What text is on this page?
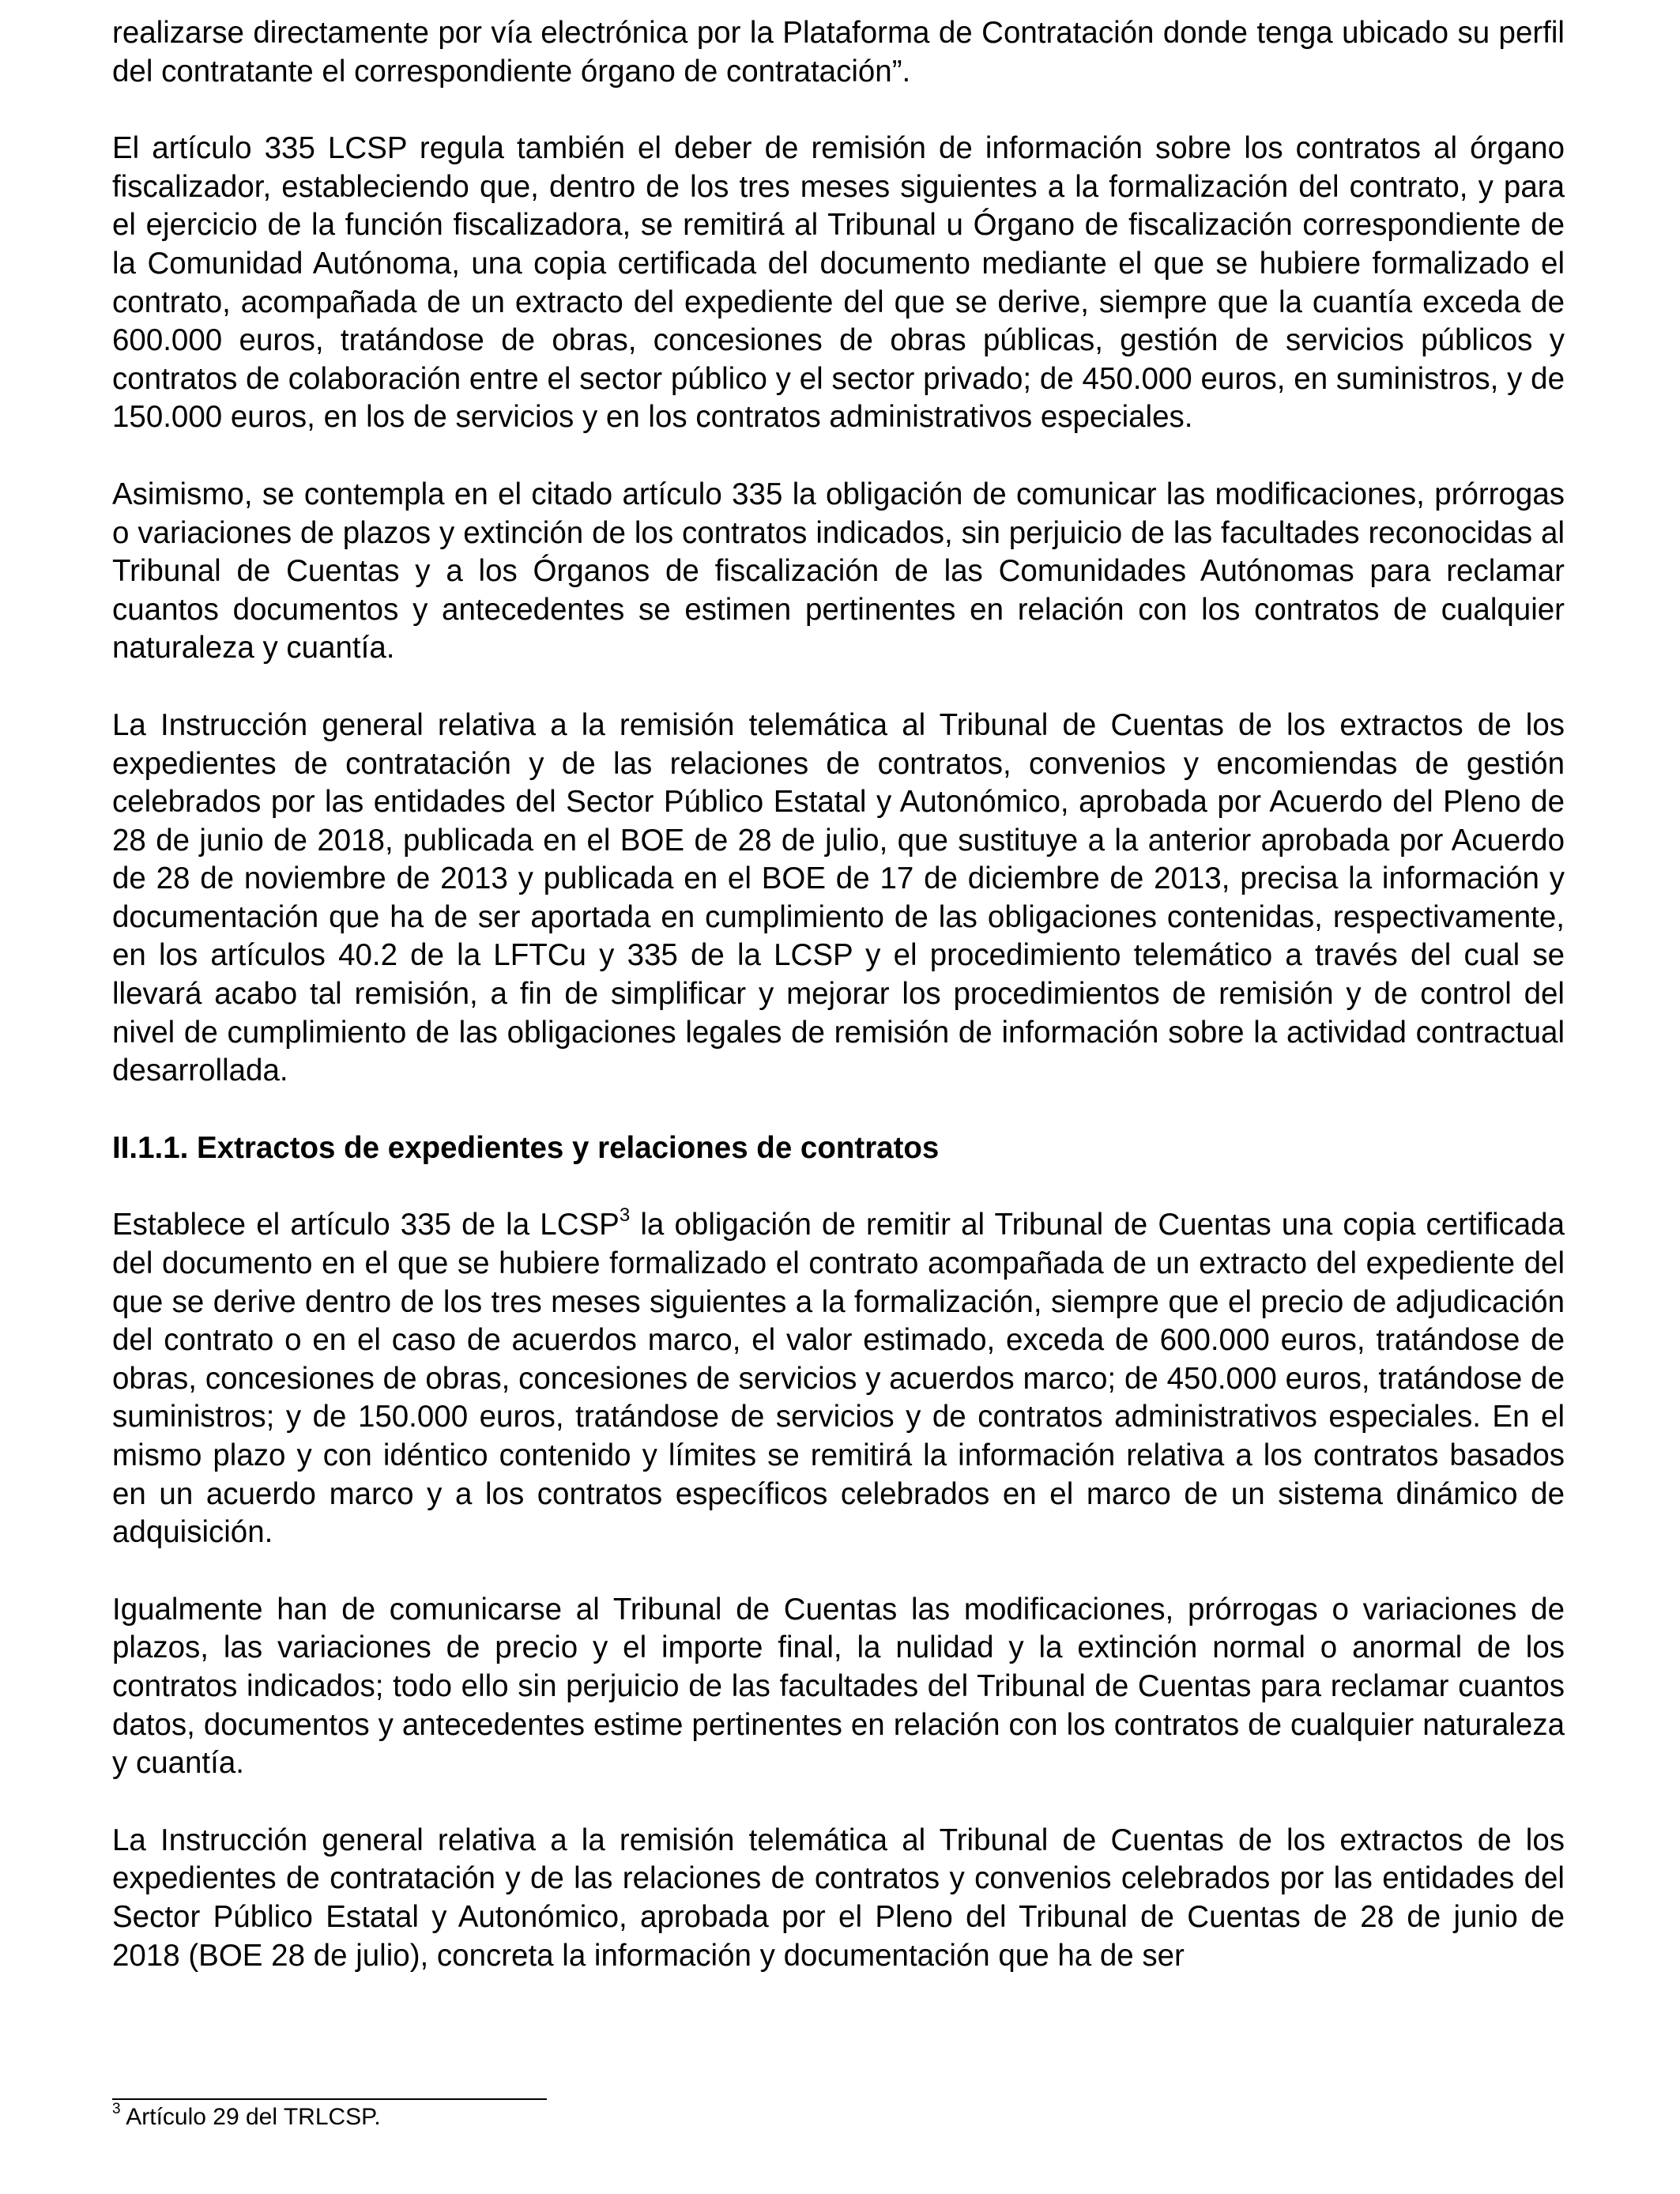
realizarse directamente por vía electrónica por la Plataforma de Contratación donde tenga ubicado su perfil del contratante el correspondiente órgano de contratación”.

El artículo 335 LCSP regula también el deber de remisión de información sobre los contratos al órgano fiscalizador, estableciendo que, dentro de los tres meses siguientes a la formalización del contrato, y para el ejercicio de la función fiscalizadora, se remitirá al Tribunal u Órgano de fiscalización correspondiente de la Comunidad Autónoma, una copia certificada del documento mediante el que se hubiere formalizado el contrato, acompañada de un extracto del expediente del que se derive, siempre que la cuantía exceda de 600.000 euros, tratándose de obras, concesiones de obras públicas, gestión de servicios públicos y contratos de colaboración entre el sector público y el sector privado; de 450.000 euros, en suministros, y de 150.000 euros, en los de servicios y en los contratos administrativos especiales.

Asimismo, se contempla en el citado artículo 335 la obligación de comunicar las modificaciones, prórrogas o variaciones de plazos y extinción de los contratos indicados, sin perjuicio de las facultades reconocidas al Tribunal de Cuentas y a los Órganos de fiscalización de las Comunidades Autónomas para reclamar cuantos documentos y antecedentes se estimen pertinentes en relación con los contratos de cualquier naturaleza y cuantía.

La Instrucción general relativa a la remisión telemática al Tribunal de Cuentas de los extractos de los expedientes de contratación y de las relaciones de contratos, convenios y encomiendas de gestión celebrados por las entidades del Sector Público Estatal y Autonómico, aprobada por Acuerdo del Pleno de 28 de junio de 2018, publicada en el BOE de 28 de julio, que sustituye a la anterior aprobada por Acuerdo de 28 de noviembre de 2013 y publicada en el BOE de 17 de diciembre de 2013, precisa la información y documentación que ha de ser aportada en cumplimiento de las obligaciones contenidas, respectivamente, en los artículos 40.2 de la LFTCu y 335 de la LCSP y el procedimiento telemático a través del cual se llevará acabo tal remisión, a fin de simplificar y mejorar los procedimientos de remisión y de control del nivel de cumplimiento de las obligaciones legales de remisión de información sobre la actividad contractual desarrollada.

II.1.1. Extractos de expedientes y relaciones de contratos

Establece el artículo 335 de la LCSP$^3$ la obligación de remitir al Tribunal de Cuentas una copia certificada del documento en el que se hubiere formalizado el contrato acompañada de un extracto del expediente del que se derive dentro de los tres meses siguientes a la formalización, siempre que el precio de adjudicación del contrato o en el caso de acuerdos marco, el valor estimado, exceda de 600.000 euros, tratándose de obras, concesiones de obras, concesiones de servicios y acuerdos marco; de 450.000 euros, tratándose de suministros; y de 150.000 euros, tratándose de servicios y de contratos administrativos especiales. En el mismo plazo y con idéntico contenido y límites se remitirá la información relativa a los contratos basados en un acuerdo marco y a los contratos específicos celebrados en el marco de un sistema dinámico de adquisición.

Igualmente han de comunicarse al Tribunal de Cuentas las modificaciones, prórrogas o variaciones de plazos, las variaciones de precio y el importe final, la nulidad y la extinción normal o anormal de los contratos indicados; todo ello sin perjuicio de las facultades del Tribunal de Cuentas para reclamar cuantos datos, documentos y antecedentes estime pertinentes en relación con los contratos de cualquier naturaleza y cuantía.

La Instrucción general relativa a la remisión telemática al Tribunal de Cuentas de los extractos de los expedientes de contratación y de las relaciones de contratos y convenios celebrados por las entidades del Sector Público Estatal y Autonómico, aprobada por el Pleno del Tribunal de Cuentas de 28 de junio de 2018 (BOE 28 de julio), concreta la información y documentación que ha de ser

$^3$ Artículo 29 del TRLCSP.
